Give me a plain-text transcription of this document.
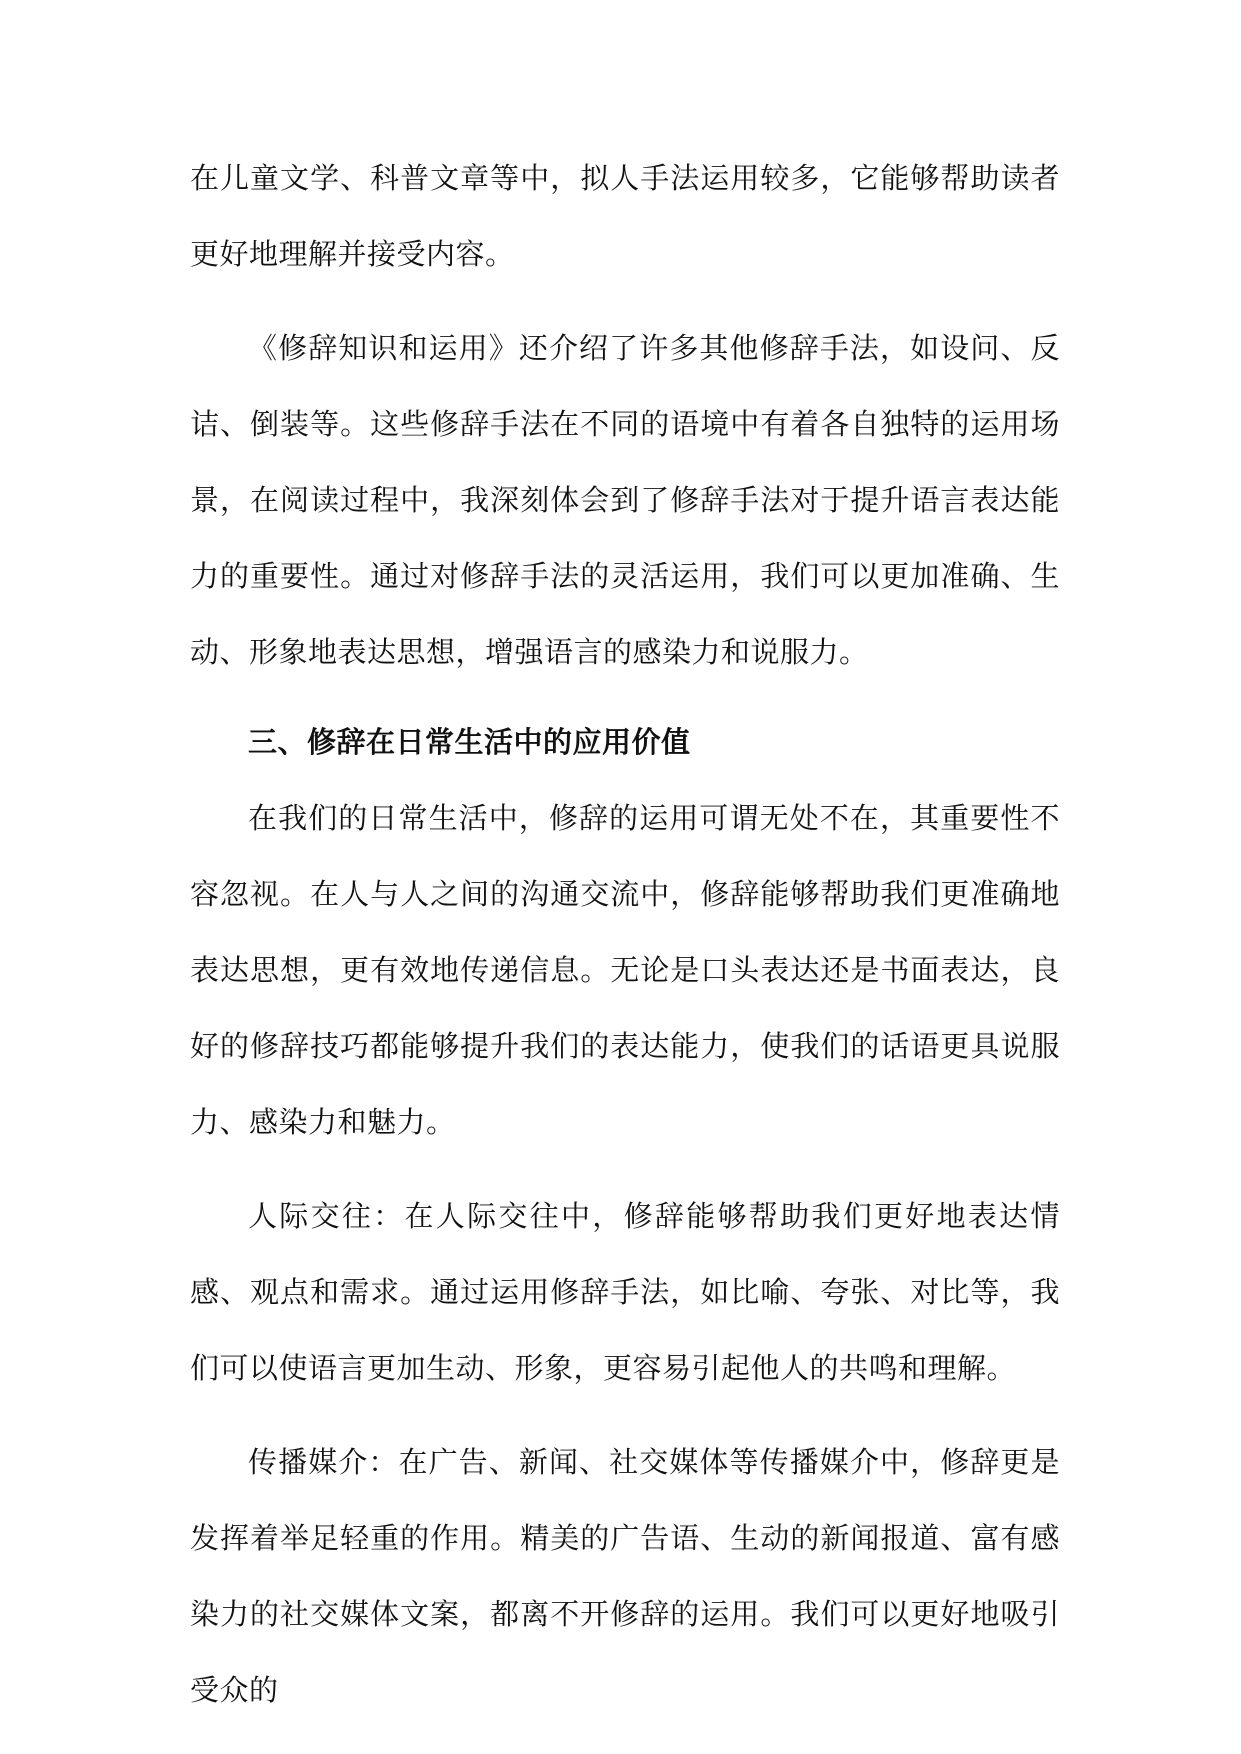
在儿童文学、科普文章等中，拟人手法运用较多，它能够帮助读者更好地理解并接受内容。

《修辞知识和运用》还介绍了许多其他修辞手法，如设问、反诘、倒装等。这些修辞手法在不同的语境中有着各自独特的运用场景，在阅读过程中，我深刻体会到了修辞手法对于提升语言表达能力的重要性。通过对修辞手法的灵活运用，我们可以更加准确、生动、形象地表达思想，增强语言的感染力和说服力。

三、修辞在日常生活中的应用价值

在我们的日常生活中，修辞的运用可谓无处不在，其重要性不容忽视。在人与人之间的沟通交流中，修辞能够帮助我们更准确地表达思想，更有效地传递信息。无论是口头表达还是书面表达，良好的修辞技巧都能够提升我们的表达能力，使我们的话语更具说服力、感染力和魅力。

人际交往：在人际交往中，修辞能够帮助我们更好地表达情感、观点和需求。通过运用修辞手法，如比喻、夸张、对比等，我们可以使语言更加生动、形象，更容易引起他人的共鸣和理解。

传播媒介：在广告、新闻、社交媒体等传播媒介中，修辞更是发挥着举足轻重的作用。精美的广告语、生动的新闻报道、富有感染力的社交媒体文案，都离不开修辞的运用。我们可以更好地吸引受众的
